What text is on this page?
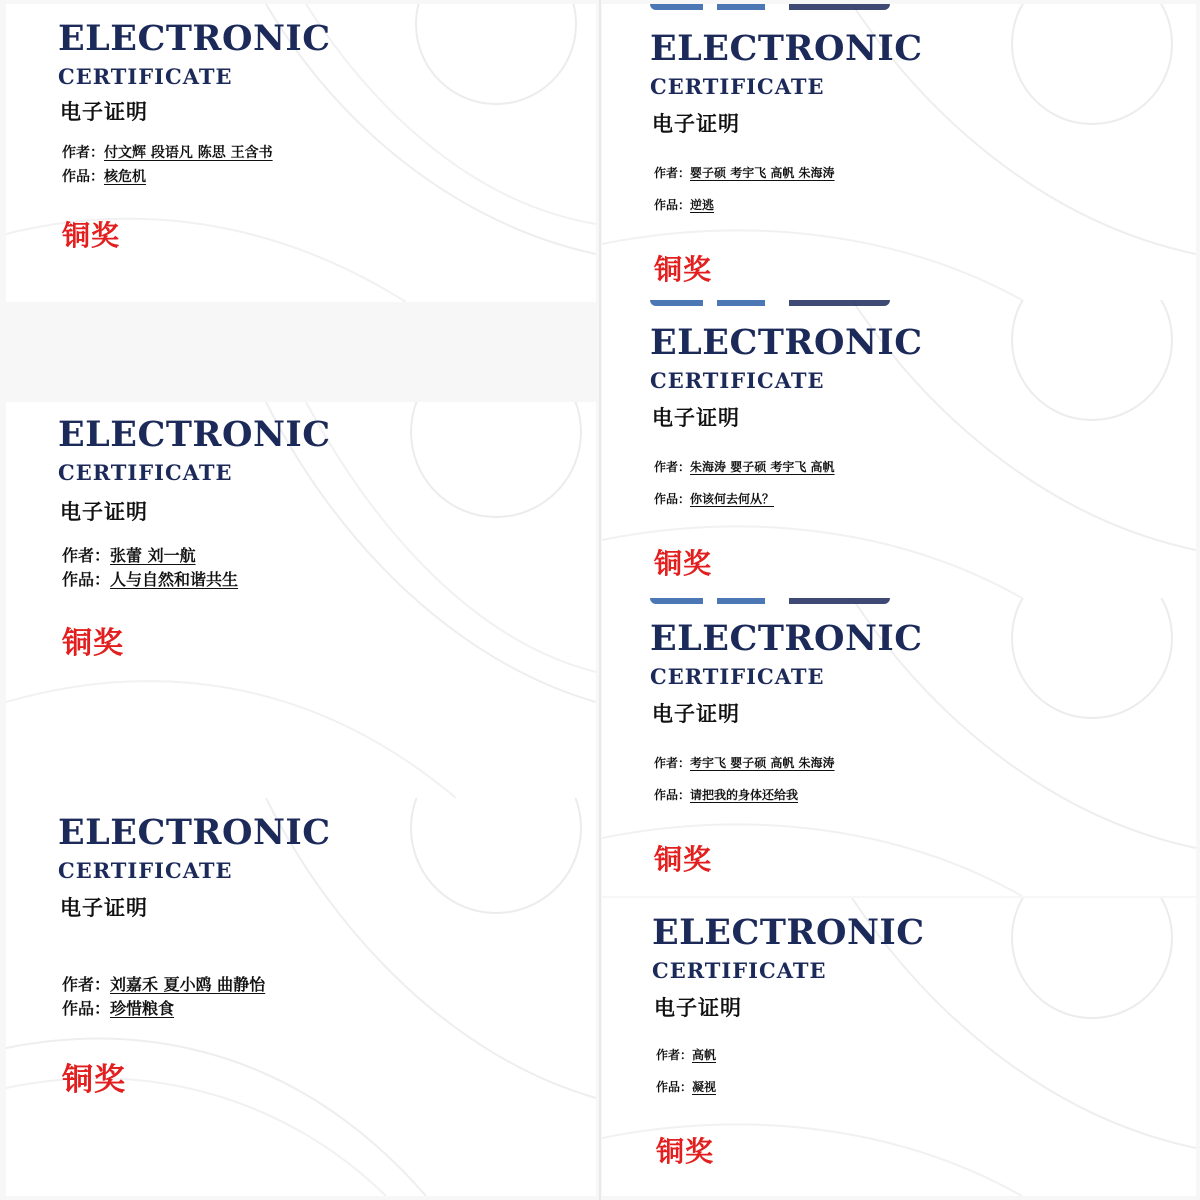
ELECTRONIC
CERTIFICATE
电子证明
作者：付文辉 段语凡 陈思 王含书
作品：核危机
铜奖
ELECTRONIC
CERTIFICATE
电子证明
作者：张蕾 刘一航
作品：人与自然和谐共生
铜奖
ELECTRONIC
CERTIFICATE
电子证明
作者：刘嘉禾 夏小鸥 曲静怡
作品：珍惜粮食
铜奖
ELECTRONIC
CERTIFICATE
电子证明
作者：婴子硕 考宇飞 高帆 朱海涛
作品：逆逃
铜奖
ELECTRONIC
CERTIFICATE
电子证明
作者：朱海涛 婴子硕 考宇飞 高帆
作品：你该何去何从？
铜奖
ELECTRONIC
CERTIFICATE
电子证明
作者：考宇飞 婴子硕 高帆 朱海涛
作品：请把我的身体还给我
铜奖
ELECTRONIC
CERTIFICATE
电子证明
作者：高帆
作品：凝视
铜奖
